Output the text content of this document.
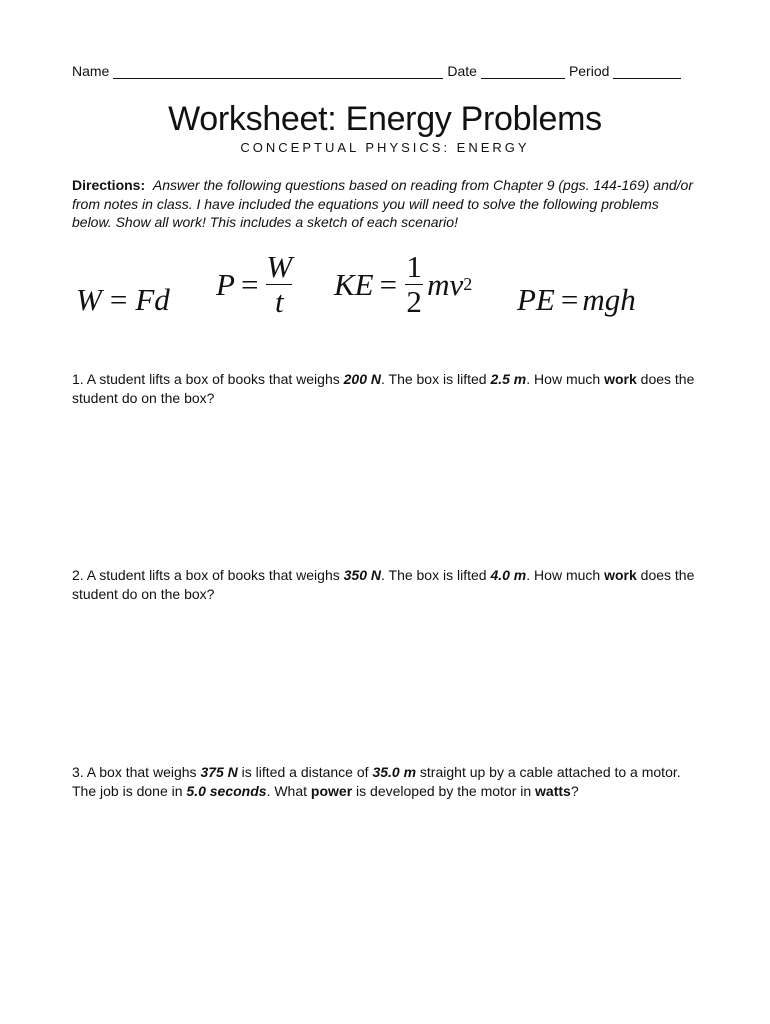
Name	Date	Period
Worksheet: Energy Problems
CONCEPTUAL PHYSICS: ENERGY
Directions: Answer the following questions based on reading from Chapter 9 (pgs. 144-169) and/or from notes in class. I have included the equations you will need to solve the following problems below. Show all work! This includes a sketch of each scenario!
W = Fd $P = \frac{W}{t}$ KE = $\frac{1}{2}$ mv 2 PE = mgh
1. A student lifts a box of books that weighs 200 N. The box is lifted 2.5 m. How much work does the student do on the box?
2. A student lifts a box of books that weighs 350 N. The box is lifted 4.0 m. How much work does the student do on the box?
3. A box that weighs 375 N is lifted a distance of 35.0 m straight up by a cable attached to a motor. The job is done in 5.0 seconds. What power is developed by the motor in watts?
